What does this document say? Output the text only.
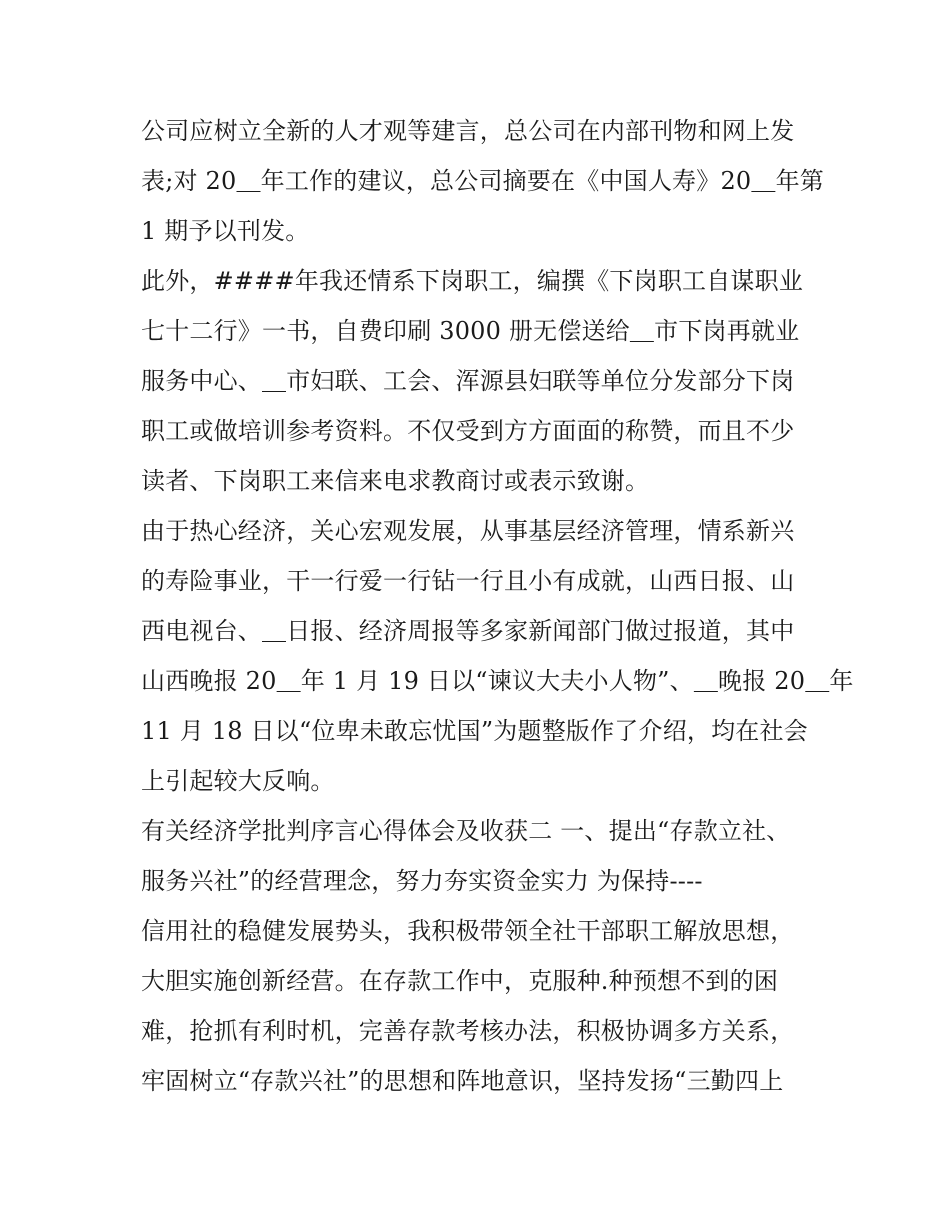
公司应树立全新的人才观等建言，总公司在内部刊物和网上发
表;对 20＿年工作的建议，总公司摘要在《中国人寿》20＿年第
1 期予以刊发。
此外，####年我还情系下岗职工，编撰《下岗职工自谋职业
七十二行》一书，自费印刷 3000 册无偿送给＿市下岗再就业
服务中心、＿市妇联、工会、浑源县妇联等单位分发部分下岗
职工或做培训参考资料。不仅受到方方面面的称赞，而且不少
读者、下岗职工来信来电求教商讨或表示致谢。
由于热心经济，关心宏观发展，从事基层经济管理，情系新兴
的寿险事业，干一行爱一行钻一行且小有成就，山西日报、山
西电视台、＿日报、经济周报等多家新闻部门做过报道，其中
山西晚报 20＿年 1 月 19 日以“谏议大夫小人物”、＿晚报 20＿年
11 月 18 日以“位卑未敢忘忧国”为题整版作了介绍，均在社会
上引起较大反响。
有关经济学批判序言心得体会及收获二 一、提出“存款立社、
服务兴社”的经营理念，努力夯实资金实力 为保持----
信用社的稳健发展势头，我积极带领全社干部职工解放思想，
大胆实施创新经营。在存款工作中，克服种.种预想不到的困
难，抢抓有利时机，完善存款考核办法，积极协调多方关系，
牢固树立“存款兴社”的思想和阵地意识，坚持发扬“三勤四上
